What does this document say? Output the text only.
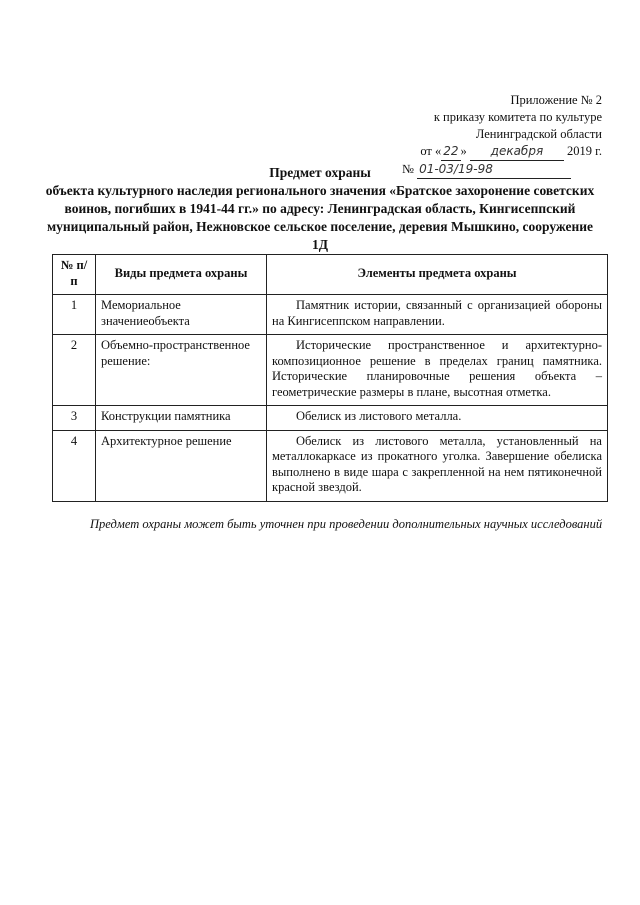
Приложение № 2
к приказу комитета по культуре
Ленинградской области
от « 22 » декабря 2019 г.
№ 01-03/19-98
Предмет охраны
объекта культурного наследия регионального значения «Братское захоронение советских воинов, погибших в 1941-44 гг.» по адресу: Ленинградская область, Кингисеппский муниципальный район, Нежновское сельское поселение, деревия Мышкино, сооружение 1Д
№ п/п	Виды предмета охраны	Элементы предмета охраны
1	Мемориальное значениеобъекта	Памятник истории, связанный с организацией обороны на Кингисеппском направлении.
2	Объемно-пространственное решение:	Исторические пространственное и архитектурно-композиционное решение в пределах границ памятника. Исторические планировочные решения объекта – геометрические размеры в плане, высотная отметка.
3	Конструкции памятника	Обелиск из листового металла.
4	Архитектурное решение	Обелиск из листового металла, установленный на металлокаркасе из прокатного уголка. Завершение обелиска выполнено в виде шара с закрепленной на нем пятиконечной красной звездой.
Предмет охраны может быть уточнен при проведении дополнительных научных исследований
